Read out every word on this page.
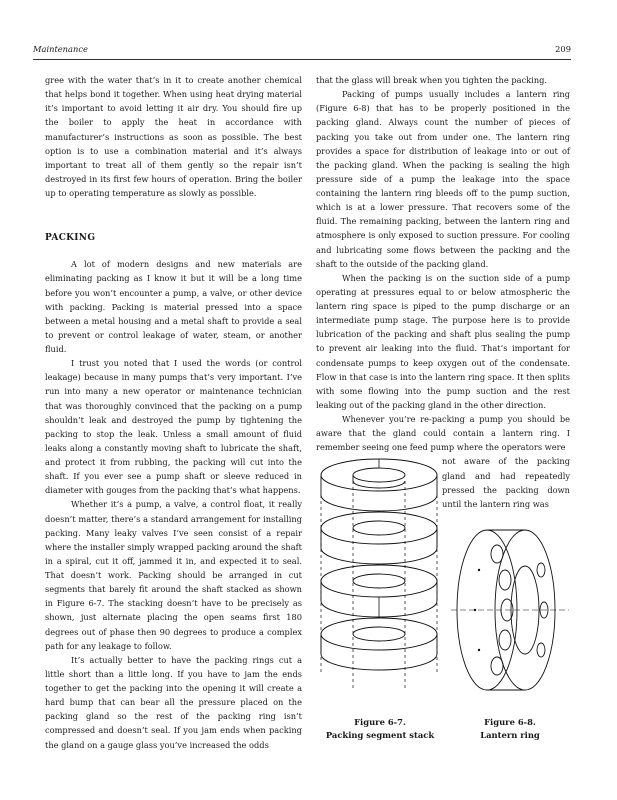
Maintenance	209

gree with the water that’s in it to create another chemical that helps bond it together. When using heat drying material it’s important to avoid letting it air dry. You should fire up the boiler to apply the heat in accordance with manufacturer’s instructions as soon as possible. The best option is to use a combination material and it’s always important to treat all of them gently so the repair isn’t destroyed in its first few hours of operation. Bring the boiler up to operating temperature as slowly as possible.

PACKING

A lot of modern designs and new materials are eliminating packing as I know it but it will be a long time before you won’t encounter a pump, a valve, or other device with packing. Packing is material pressed into a space between a metal housing and a metal shaft to provide a seal to prevent or control leakage of water, steam, or another fluid.

I trust you noted that I used the words (or control leakage) because in many pumps that’s very important. I’ve run into many a new operator or maintenance technician that was thoroughly convinced that the packing on a pump shouldn’t leak and destroyed the pump by tightening the packing to stop the leak. Unless a small amount of fluid leaks along a constantly moving shaft to lubricate the shaft, and protect it from rubbing, the packing will cut into the shaft. If you ever see a pump shaft or sleeve reduced in diameter with gouges from the packing that’s what happens.

Whether it’s a pump, a valve, a control float, it really doesn’t matter, there’s a standard arrangement for installing packing. Many leaky valves I’ve seen consist of a repair where the installer simply wrapped packing around the shaft in a spiral, cut it off, jammed it in, and expected it to seal. That doesn’t work. Packing should be arranged in cut segments that barely fit around the shaft stacked as shown in Figure 6-7. The stacking doesn’t have to be precisely as shown, just alternate placing the open seams first 180 degrees out of phase then 90 degrees to produce a complex path for any leakage to follow.

It’s actually better to have the packing rings cut a little short than a little long. If you have to jam the ends together to get the packing into the opening it will create a hard bump that can bear all the pressure placed on the packing gland so the rest of the packing ring isn’t compressed and doesn’t seal. If you jam ends when packing the gland on a gauge glass you’ve increased the odds

that the glass will break when you tighten the packing.

Packing of pumps usually includes a lantern ring (Figure 6-8) that has to be properly positioned in the packing gland. Always count the number of pieces of packing you take out from under one. The lantern ring provides a space for distribution of leakage into or out of the packing gland. When the packing is sealing the high pressure side of a pump the leakage into the space containing the lantern ring bleeds off to the pump suction, which is at a lower pressure. That recovers some of the fluid. The remaining packing, between the lantern ring and atmosphere is only exposed to suction pressure. For cooling and lubricating some flows between the packing and the shaft to the outside of the packing gland.

When the packing is on the suction side of a pump operating at pressures equal to or below atmospheric the lantern ring space is piped to the pump discharge or an intermediate pump stage. The purpose here is to provide lubrication of the packing and shaft plus sealing the pump to prevent air leaking into the fluid. That’s important for condensate pumps to keep oxygen out of the condensate. Flow in that case is into the lantern ring space. It then splits with some flowing into the pump suction and the rest leaking out of the packing gland in the other direction.

Whenever you’re re-packing a pump you should be aware that the gland could contain a lantern ring. I remember seeing one feed pump where the operators were

not aware of the packing gland and had repeatedly pressed the packing down until the lantern ring was

Figure 6-7.
Packing segment stack
Figure 6-8.
Lantern ring
